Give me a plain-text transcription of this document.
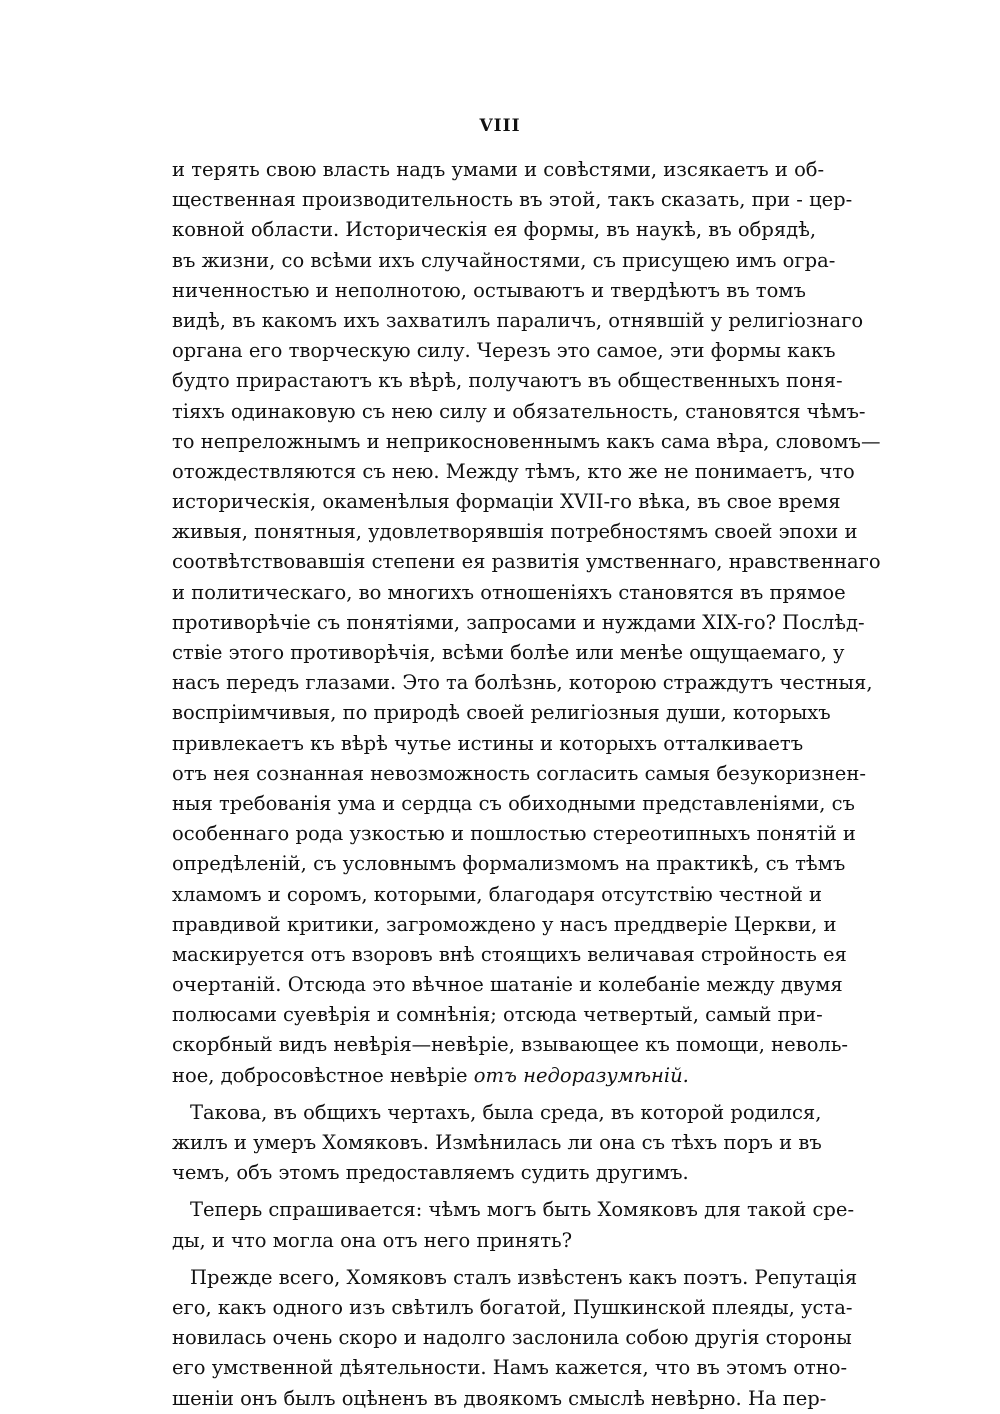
VIII
и терять свою власть надъ умами и совѣстями, изсякаетъ и об-
щественная производительность въ этой, такъ сказать, при - цер-
ковной области. Историческія ея формы, въ наукѣ, въ обрядѣ,
въ жизни, со всѣми ихъ случайностями, съ присущею имъ огра-
ниченностью и неполнотою, остываютъ и твердѣютъ въ томъ
видѣ, въ какомъ ихъ захватилъ параличъ, отнявшій у религіознаго
органа его творческую силу. Черезъ это самое, эти формы какъ
будто прирастаютъ къ вѣрѣ, получаютъ въ общественныхъ поня-
тіяхъ одинаковую съ нею силу и обязательность, становятся чѣмъ-
то непреложнымъ и неприкосновеннымъ какъ сама вѣра, словомъ—
отождествляются съ нею. Между тѣмъ, кто же не понимаетъ, что
историческія, окаменѣлыя формаціи XVII-го вѣка, въ свое время
живыя, понятныя, удовлетворявшія потребностямъ своей эпохи и
соотвѣтствовавшія степени ея развитія умственнаго, нравственнаго
и политическаго, во многихъ отношеніяхъ становятся въ прямое
противорѣчіе съ понятіями, запросами и нуждами XIX-го? Послѣд-
ствіе этого противорѣчія, всѣми болѣе или менѣе ощущаемаго, у
насъ передъ глазами. Это та болѣзнь, которою страждутъ честныя,
воспріимчивыя, по природѣ своей религіозныя души, которыхъ
привлекаетъ къ вѣрѣ чутье истины и которыхъ отталкиваетъ
отъ нея сознанная невозможность согласить самыя безукоризнен-
ныя требованія ума и сердца съ обиходными представленіями, съ
особеннаго рода узкостью и пошлостью стереотипныхъ понятій и
опредѣленій, съ условнымъ формализмомъ на практикѣ, съ тѣмъ
хламомъ и соромъ, которыми, благодаря отсутствію честной и
правдивой критики, загромождено у насъ преддверіе Церкви, и
маскируется отъ взоровъ внѣ стоящихъ величавая стройность ея
очертаній. Отсюда это вѣчное шатаніе и колебаніе между двумя
полюсами суевѣрія и сомнѣнія; отсюда четвертый, самый при-
скорбный видъ невѣрія—невѣріе, взывающее къ помощи, неволь-
ное, добросовѣстное невѣріе отъ недоразумѣній.
Такова, въ общихъ чертахъ, была среда, въ которой родился,
жилъ и умеръ Хомяковъ. Измѣнилась ли она съ тѣхъ поръ и въ
чемъ, объ этомъ предоставляемъ судить другимъ.
Теперь спрашивается: чѣмъ могъ быть Хомяковъ для такой сре-
ды, и что могла она отъ него принять?
Прежде всего, Хомяковъ сталъ извѣстенъ какъ поэтъ. Репутація
его, какъ одного изъ свѣтилъ богатой, Пушкинской плеяды, уста-
новилась очень скоро и надолго заслонила собою другія стороны
его умственной дѣятельности. Намъ кажется, что въ этомъ отно-
шеніи онъ былъ оцѣненъ въ двоякомъ смыслѣ невѣрно. На пер-
